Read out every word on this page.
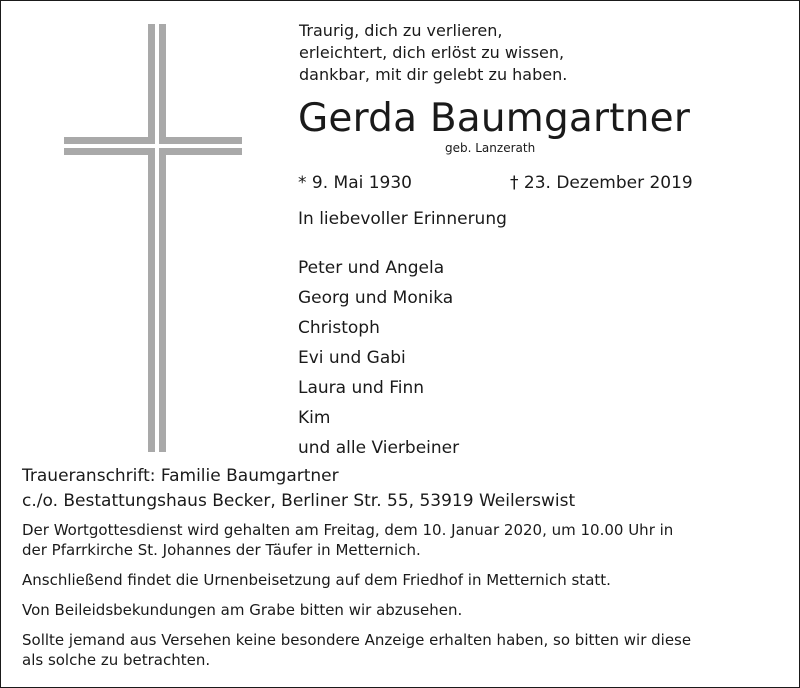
Traurig, dich zu verlieren,
erleichtert, dich erlöst zu wissen,
dankbar, mit dir gelebt zu haben.
Gerda Baumgartner
geb. Lanzerath
* 9. Mai 1930	† 23. Dezember 2019
In liebevoller Erinnerung
Peter und Angela
Georg und Monika
Christoph
Evi und Gabi
Laura und Finn
Kim
und alle Vierbeiner
Traueranschrift: Familie Baumgartner
c./o. Bestattungshaus Becker, Berliner Str. 55, 53919 Weilerswist

Der Wortgottesdienst wird gehalten am Freitag, dem 10. Januar 2020, um 10.00 Uhr in
der Pfarrkirche St. Johannes der Täufer in Metternich.

Anschließend findet die Urnenbeisetzung auf dem Friedhof in Metternich statt.

Von Beileidsbekundungen am Grabe bitten wir abzusehen.

Sollte jemand aus Versehen keine besondere Anzeige erhalten haben, so bitten wir diese
als solche zu betrachten.
